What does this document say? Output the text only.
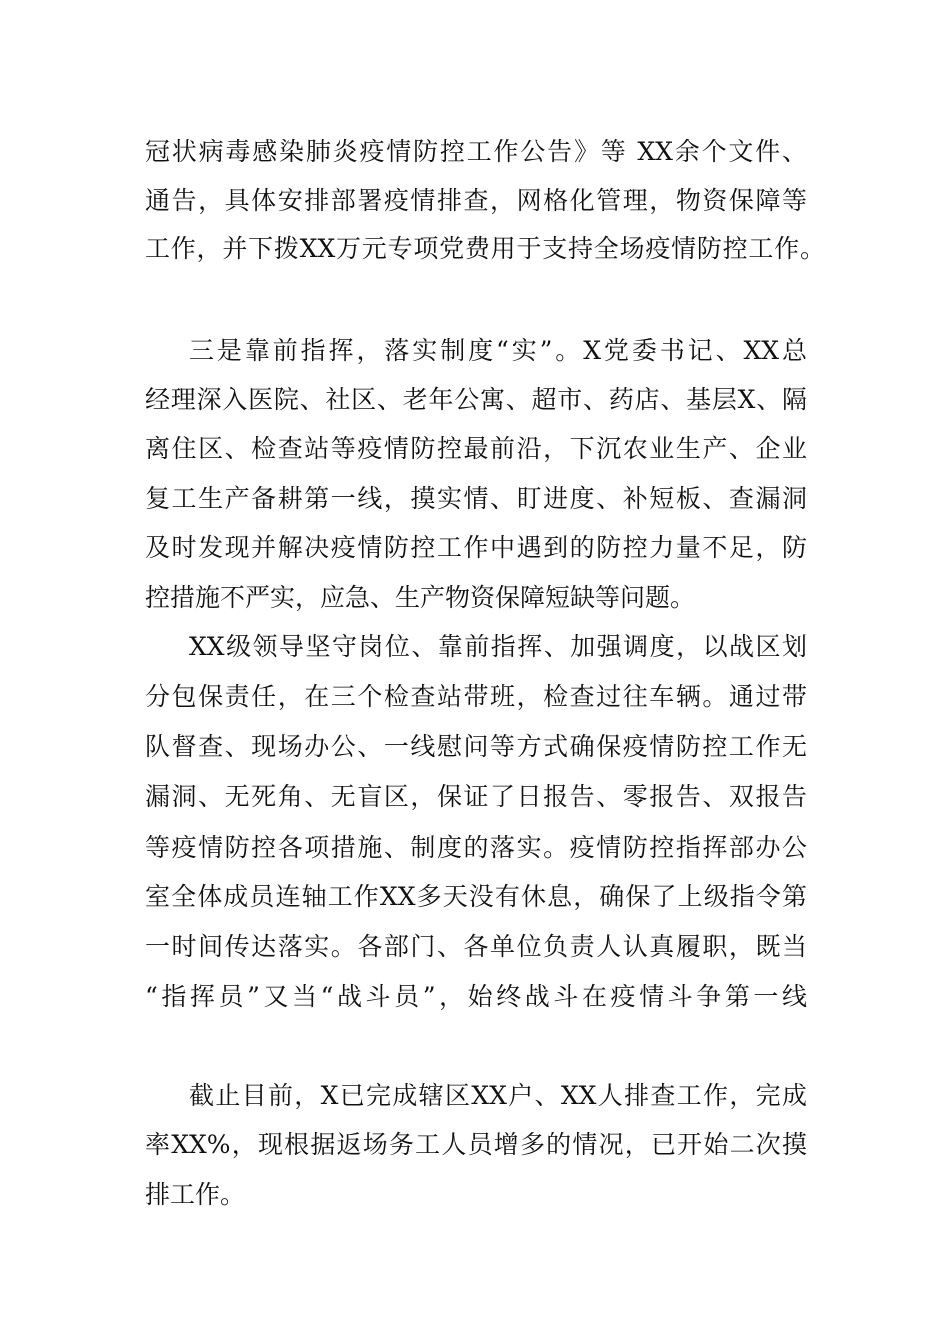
冠状病毒感染肺炎疫情防控工作公告》等 XX余个文件、
通告，具体安排部署疫情排查，网格化管理，物资保障等
工作，并下拨XX万元专项党费用于支持全场疫情防控工作。
三是靠前指挥，落实制度“实”。X党委书记、XX总
经理深入医院、社区、老年公寓、超市、药店、基层X、隔
离住区、检查站等疫情防控最前沿，下沉农业生产、企业
复工生产备耕第一线，摸实情、盯进度、补短板、查漏洞
及时发现并解决疫情防控工作中遇到的防控力量不足，防
控措施不严实，应急、生产物资保障短缺等问题。
XX级领导坚守岗位、靠前指挥、加强调度，以战区划
分包保责任，在三个检查站带班，检查过往车辆。通过带
队督查、现场办公、一线慰问等方式确保疫情防控工作无
漏洞、无死角、无盲区，保证了日报告、零报告、双报告
等疫情防控各项措施、制度的落实。疫情防控指挥部办公
室全体成员连轴工作XX多天没有休息，确保了上级指令第
一时间传达落实。各部门、各单位负责人认真履职，既当
“指挥员”又当“战斗员”，始终战斗在疫情斗争第一线
截止目前，X已完成辖区XX户、XX人排查工作，完成
率XX%，现根据返场务工人员增多的情况，已开始二次摸
排工作。
